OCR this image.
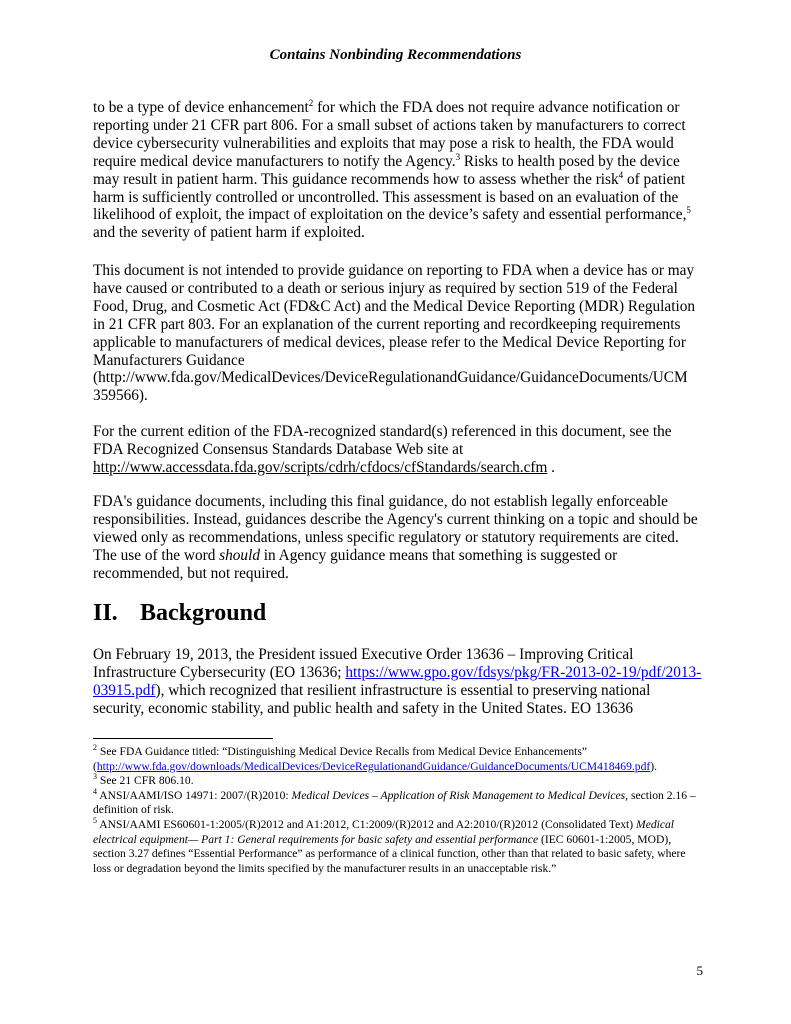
Contains Nonbinding Recommendations

to be a type of device enhancement$^2$ for which the FDA does not require advance notification or reporting under 21 CFR part 806. For a small subset of actions taken by manufacturers to correct device cybersecurity vulnerabilities and exploits that may pose a risk to health, the FDA would require medical device manufacturers to notify the Agency.$^3$ Risks to health posed by the device may result in patient harm. This guidance recommends how to assess whether the risk$^4$ of patient harm is sufficiently controlled or uncontrolled. This assessment is based on an evaluation of the likelihood of exploit, the impact of exploitation on the device’s safety and essential performance,$^5$ and the severity of patient harm if exploited.

This document is not intended to provide guidance on reporting to FDA when a device has or may have caused or contributed to a death or serious injury as required by section 519 of the Federal Food, Drug, and Cosmetic Act (FD&C Act) and the Medical Device Reporting (MDR) Regulation in 21 CFR part 803. For an explanation of the current reporting and recordkeeping requirements applicable to manufacturers of medical devices, please refer to the Medical Device Reporting for Manufacturers Guidance
(http://www.fda.gov/MedicalDevices/DeviceRegulationandGuidance/GuidanceDocuments/UCM
359566).

For the current edition of the FDA-recognized standard(s) referenced in this document, see the FDA Recognized Consensus Standards Database Web site at
http://www.accessdata.fda.gov/scripts/cdrh/cfdocs/cfStandards/search.cfm .

FDA's guidance documents, including this final guidance, do not establish legally enforceable responsibilities. Instead, guidances describe the Agency's current thinking on a topic and should be viewed only as recommendations, unless specific regulatory or statutory requirements are cited. The use of the word should in Agency guidance means that something is suggested or recommended, but not required.

II. Background

On February 19, 2013, the President issued Executive Order 13636 – Improving Critical Infrastructure Cybersecurity (EO 13636; https://www.gpo.gov/fdsys/pkg/FR-2013-02-19/pdf/2013-03915.pdf), which recognized that resilient infrastructure is essential to preserving national security, economic stability, and public health and safety in the United States. EO 13636

$^2$ See FDA Guidance titled: “Distinguishing Medical Device Recalls from Medical Device Enhancements” (http://www.fda.gov/downloads/MedicalDevices/DeviceRegulationandGuidance/GuidanceDocuments/UCM418469.pdf).
$^3$ See 21 CFR 806.10.
$^4$ ANSI/AAMI/ISO 14971: 2007/(R)2010: Medical Devices – Application of Risk Management to Medical Devices, section 2.16 – definition of risk.
$^5$ ANSI/AAMI ES60601-1:2005/(R)2012 and A1:2012, C1:2009/(R)2012 and A2:2010/(R)2012 (Consolidated Text) Medical electrical equipment— Part 1: General requirements for basic safety and essential performance (IEC 60601-1:2005, MOD), section 3.27 defines “Essential Performance” as performance of a clinical function, other than that related to basic safety, where loss or degradation beyond the limits specified by the manufacturer results in an unacceptable risk.”
5
